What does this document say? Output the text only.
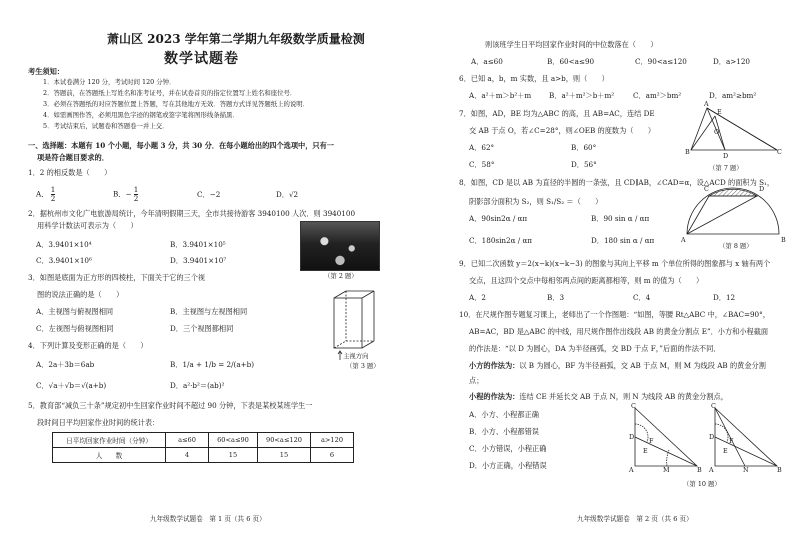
萧山区 2023 学年第二学期九年级数学质量检测
数学试题卷
考生须知：
1．本试卷满分 120 分，考试时间 120 分钟．
2．答题前，在答题纸上写姓名和准考证号，并在试卷首页的指定位置写上姓名和座位号．
3．必须在答题纸的对应答题位置上答题，写在其他地方无效．答题方式详见答题纸上的说明．
4．如需画图作答，必须用黑色字迹的钢笔或签字笔将图形线条描黑．
5．考试结束后，试题卷和答题卷一并上交．
一、选择题：本题有 10 个小题，每小题 3 分，共 30 分．在每小题给出的四个选项中，只有一
项是符合题目要求的．
1．2 的相反数是（　　）
A． $\frac{1}{2}$	B．− $\frac{1}{2}$	C．−2	D．√2
2．据杭州市文化广电旅游局统计，今年清明假期三天，全市共接待游客 3940100 人次．则 3940100
用科学计数法可表示为（　　）
A．3.9401×10⁴	B．3.9401×10⁵
C．3.9401×10⁶	D．3.9401×10⁷
（第 2 题）
3．如图是底面为正方形的四棱柱，下面关于它的三个视
图的说法正确的是（　　）
A．主视图与俯视图相同	B．主视图与左视图相同
C．左视图与俯视图相同	D．三个视图都相同
主视方向
（第 3 题）
4．下列计算及变形正确的是（　　）
A．2a＋3b＝6ab	B．1/a + 1/b = 2/(a+b)
C．√a＋√b＝√(a+b)	D．a²·b²＝(ab)²
5．教育部“减负三十条”规定初中生回家作业时间不超过 90 分钟，下表是某校某班学生一
段时间日平均回家作业时间的统计表：
日平均回家作业时间（分钟）	a≤60	60<a≤90	90<a≤120	a>120
人　　数	4	15	15	6
九年级数学试题卷　第 1 页（共 6 页）
则该班学生日平均回家作业时间的中位数落在（　　）
A．a≤60	B．60<a≤90	C．90<a≤120	D．a>120
6．已知 a，b，m 实数，且 a>b，则（　　）
A．a²＋m＞b²＋m B．a²＋m²＞b＋m²	C．am²＞bm²	D．am²≥bm²
7．如图，AD，BE 均为△ABC 的高，且 AB=AC，连结 DE
交 AB 于点 O，若∠C=28°，则∠OEB 的度数为（　　）
A．62°	B．60°
C．58°	D．56°
A
E
O
B	D	C
（第 7 题）
8．如图，CD 是以 AB 为直径的半圆的一条弦，且 CD∥AB，∠CAD=α，设△ACD 的面积为 S₁，
阴影部分面积为 S₂，则 S₁/S₂ ＝（　　）
A．90sin2α / απ	B．90 sin α / απ
C．180sin2α / απ	D．180 sin α / απ
C	D
A	B
（第 8 题）
9．已知二次函数 y＝2(x−k)(x−k−3) 的图象与其向上平移 m 个单位所得的图象都与 x 轴有两个
交点，且这四个交点中每相邻两点间的距离都相等，则 m 的值为（　　）
A．2	B．3	C．4	D．12
10．在尺规作图专题复习课上，老师出了一个作图题：“如图，等腰 Rt△ABC 中，∠BAC=90°，
AB=AC，BD 是△ABC 的中线，用尺规作图作出线段 AB 的黄金分割点 E”．小方和小程截面
的作法是：“以 D 为圆心，DA 为半径画弧，交 BD 于点 F，”后面的作法不同．
小方的作法为：以 B 为圆心，BF 为半径画弧，交 AB 于点 M，则 M 为线段 AB 的黄金分割
点；
小程的作法为：连结 CE 并延长交 AB 于点 N，则 N 为线段 AB 的黄金分割点，
A．小方、小程都正确
B．小方、小程都错误
C．小方错误，小程正确
D．小方正确，小程错误
C
D F
E
A	M	B
C
D F
E
A	N	B
（第 10 题）
九年级数学试题卷　第 2 页（共 6 页）
